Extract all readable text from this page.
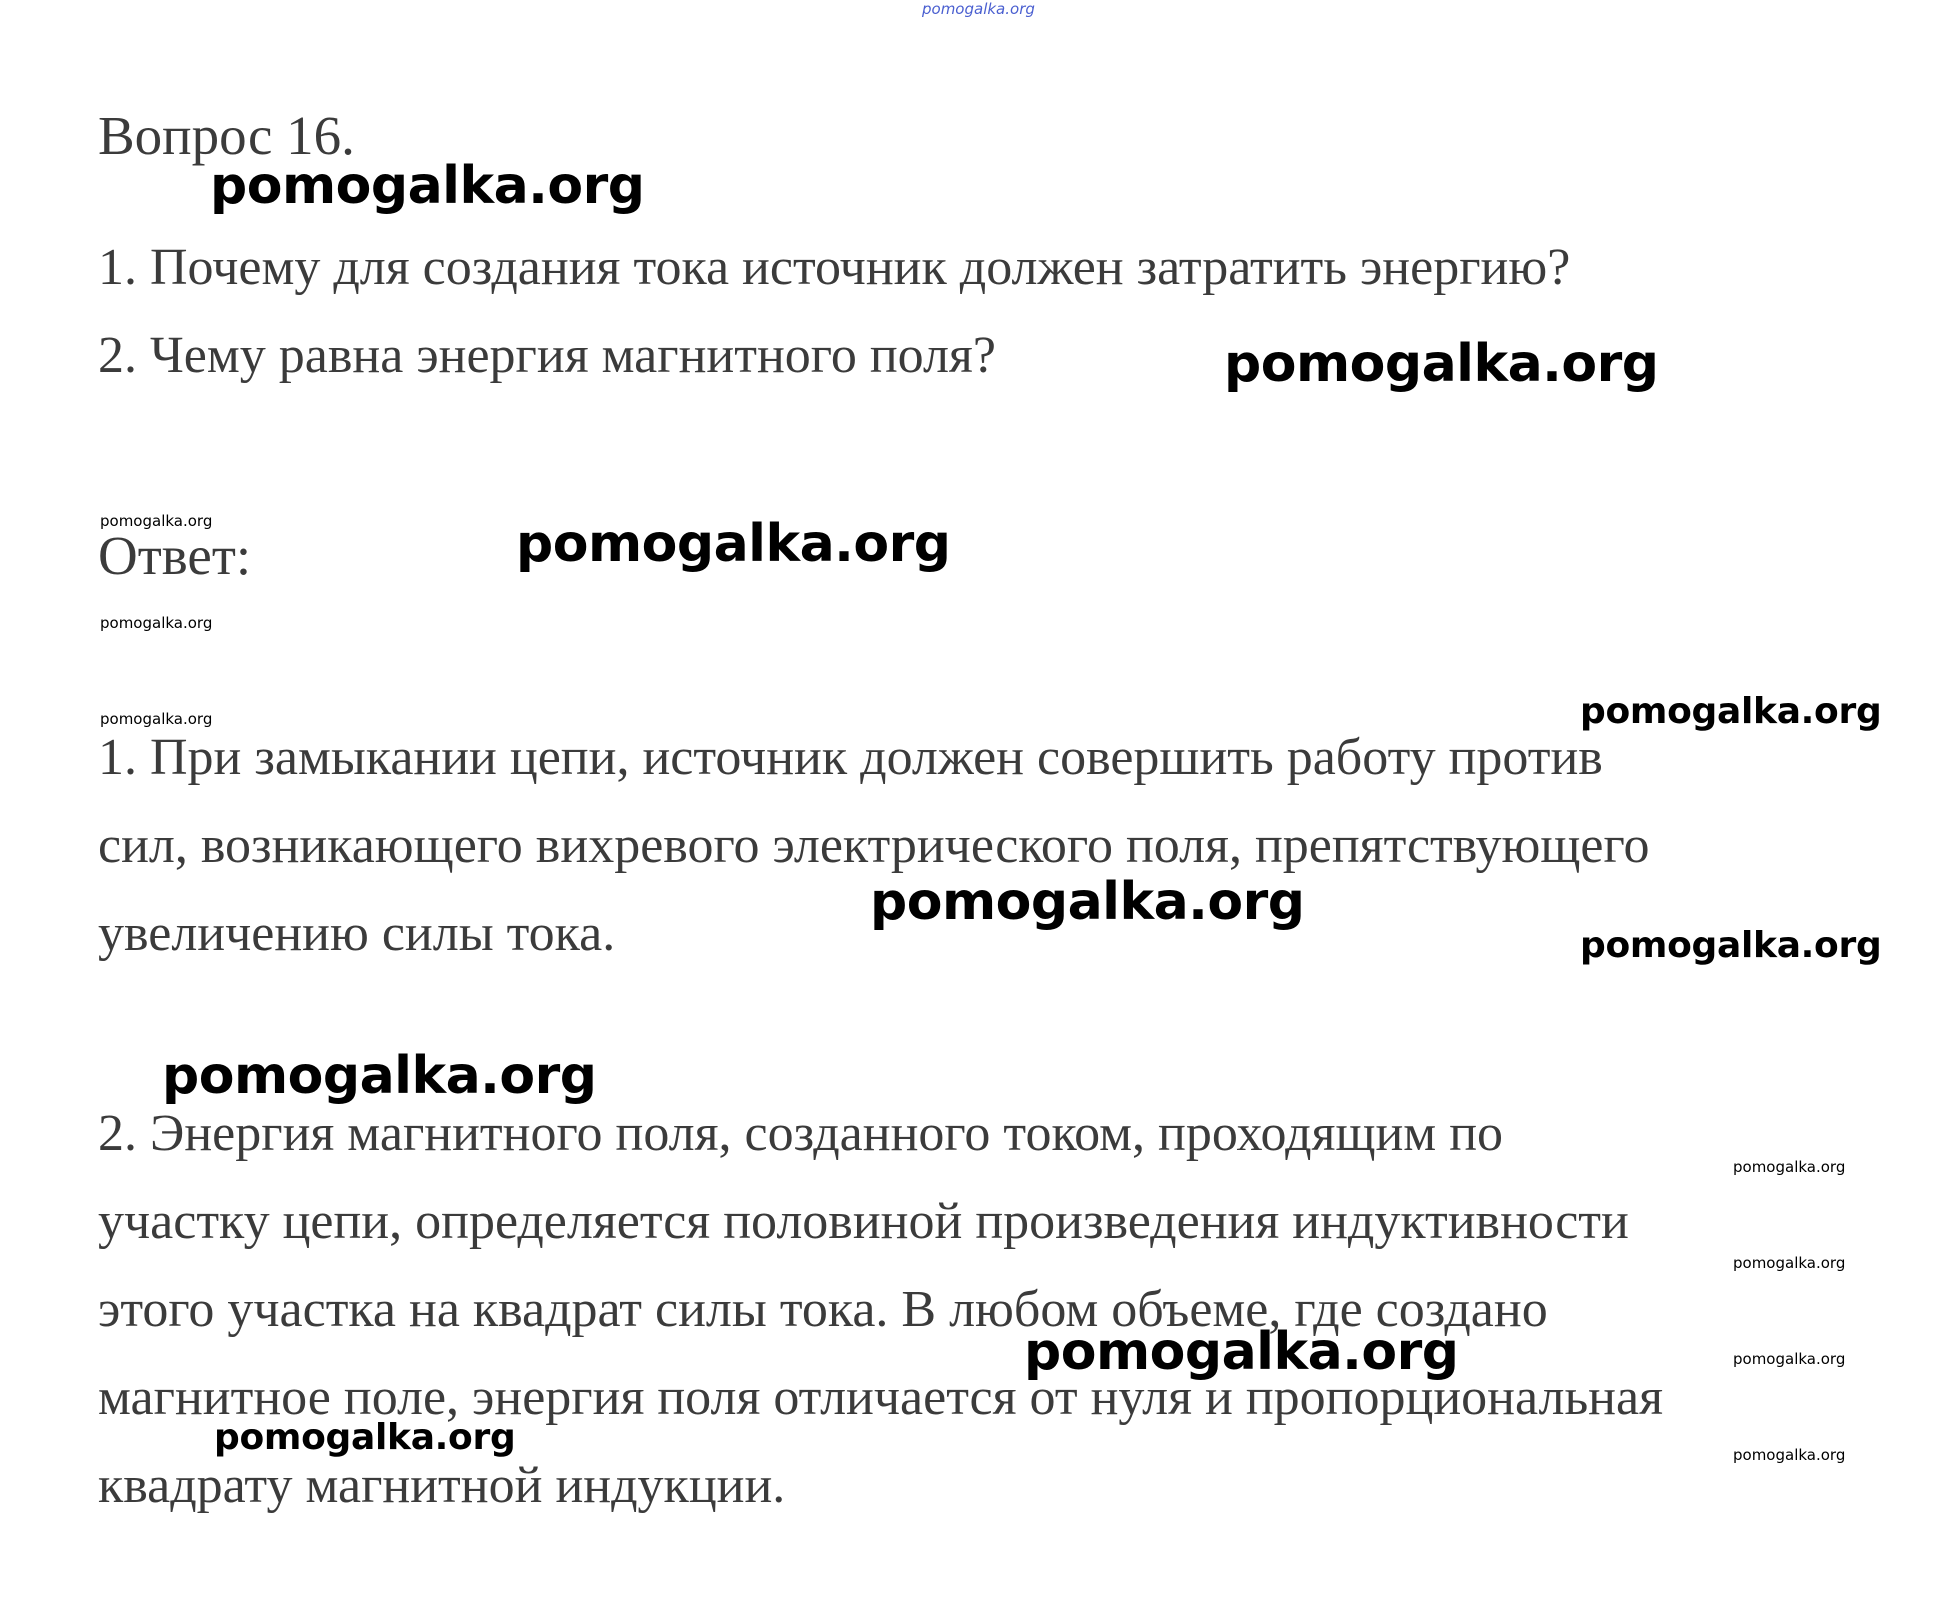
pomogalka.org
Вопрос 16.
pomogalka.org
1. Почему для создания тока источник должен затратить энергию?
2. Чему равна энергия магнитного поля?	pomogalka.org
pomogalka.org
Ответ:	pomogalka.org
pomogalka.org
pomogalka.org	pomogalka.org
1. При замыкании цепи, источник должен совершить работу против
сил, возникающего вихревого электрического поля, препятствующего
pomogalka.org
увеличению силы тока.	pomogalka.org
pomogalka.org
2. Энергия магнитного поля, созданного током, проходящим по
pomogalka.org
участку цепи, определяется половиной произведения индуктивности
pomogalka.org
этого участка на квадрат силы тока. В любом объеме, где создано
pomogalka.org	pomogalka.org
магнитное поле, энергия поля отличается от нуля и пропорциональная
pomogalka.org	pomogalka.org
квадрату магнитной индукции.
